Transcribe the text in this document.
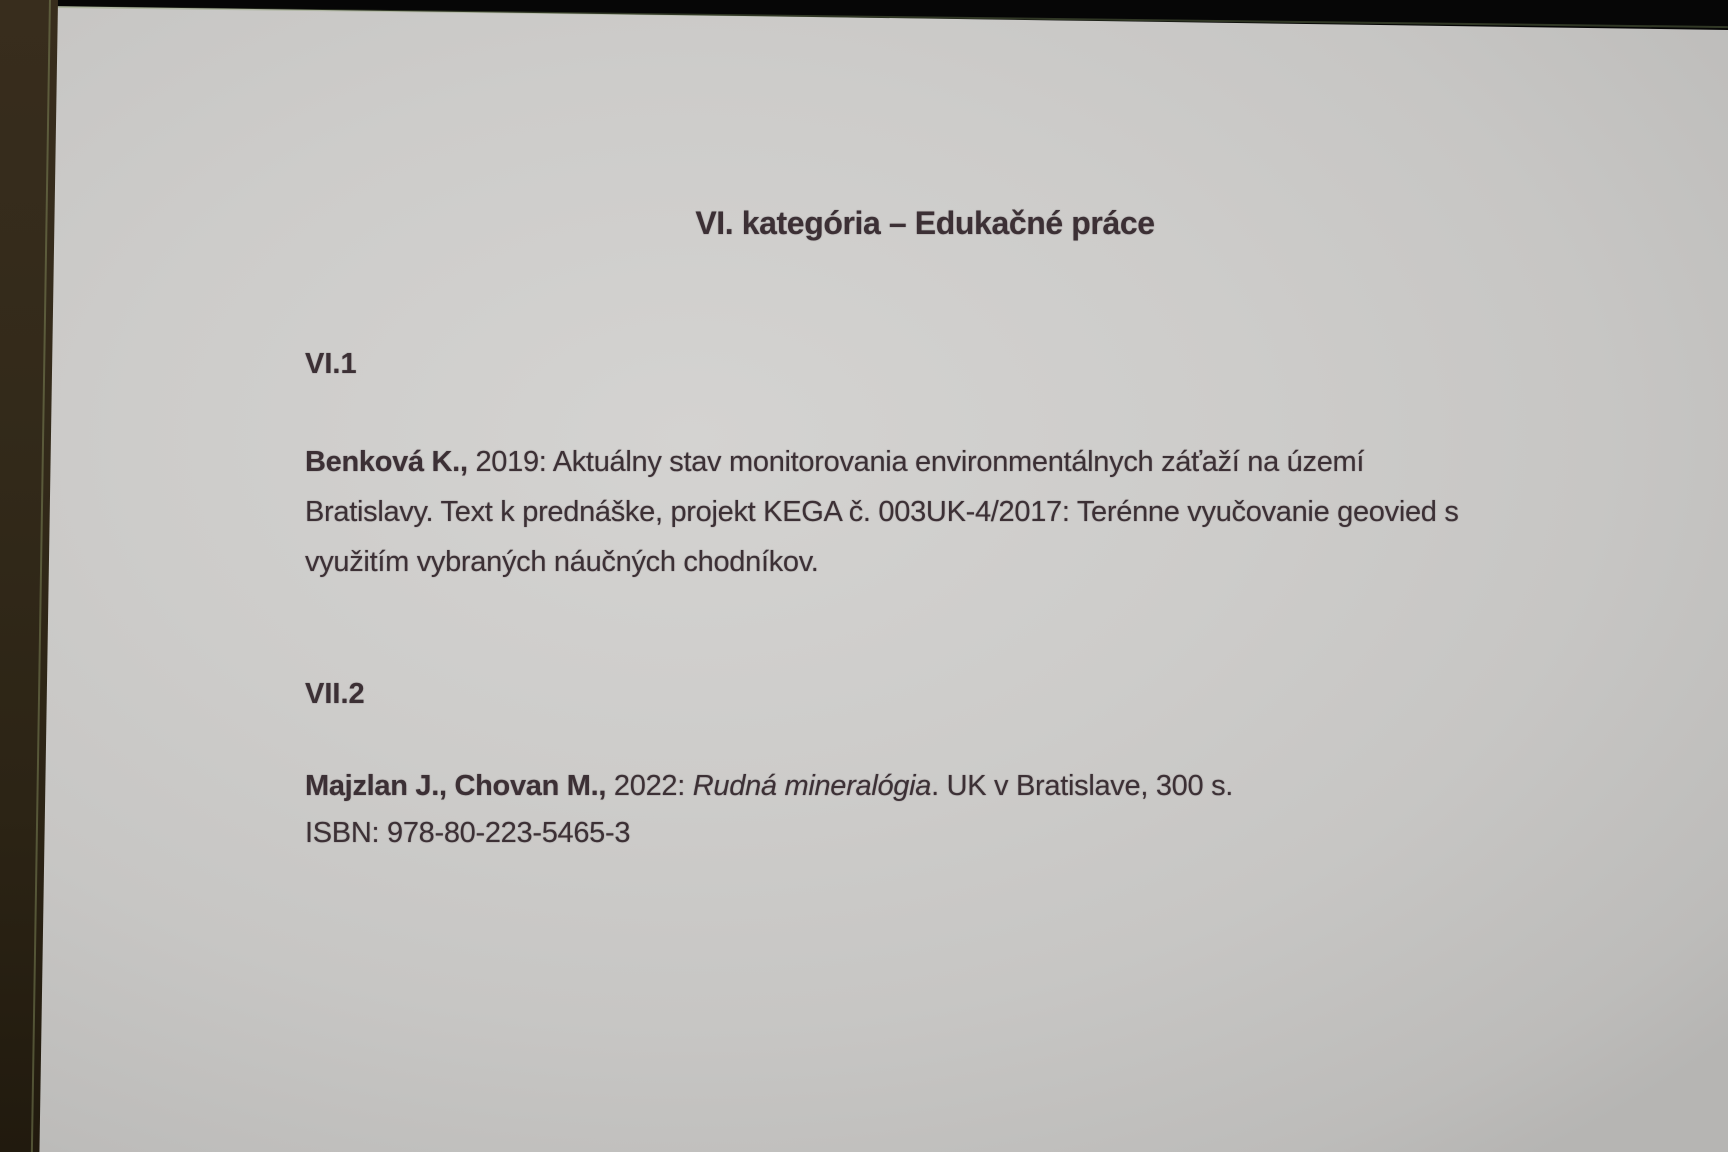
VI. kategória – Edukačné práce
VI.1
Benková K., 2019: Aktuálny stav monitorovania environmentálnych záťaží na území
Bratislavy. Text k prednáške, projekt KEGA č. 003UK-4/2017: Terénne vyučovanie geovied s
využitím vybraných náučných chodníkov.
VII.2
Majzlan J., Chovan M., 2022: Rudná mineralógia. UK v Bratislave, 300 s.
ISBN: 978-80-223-5465-3
